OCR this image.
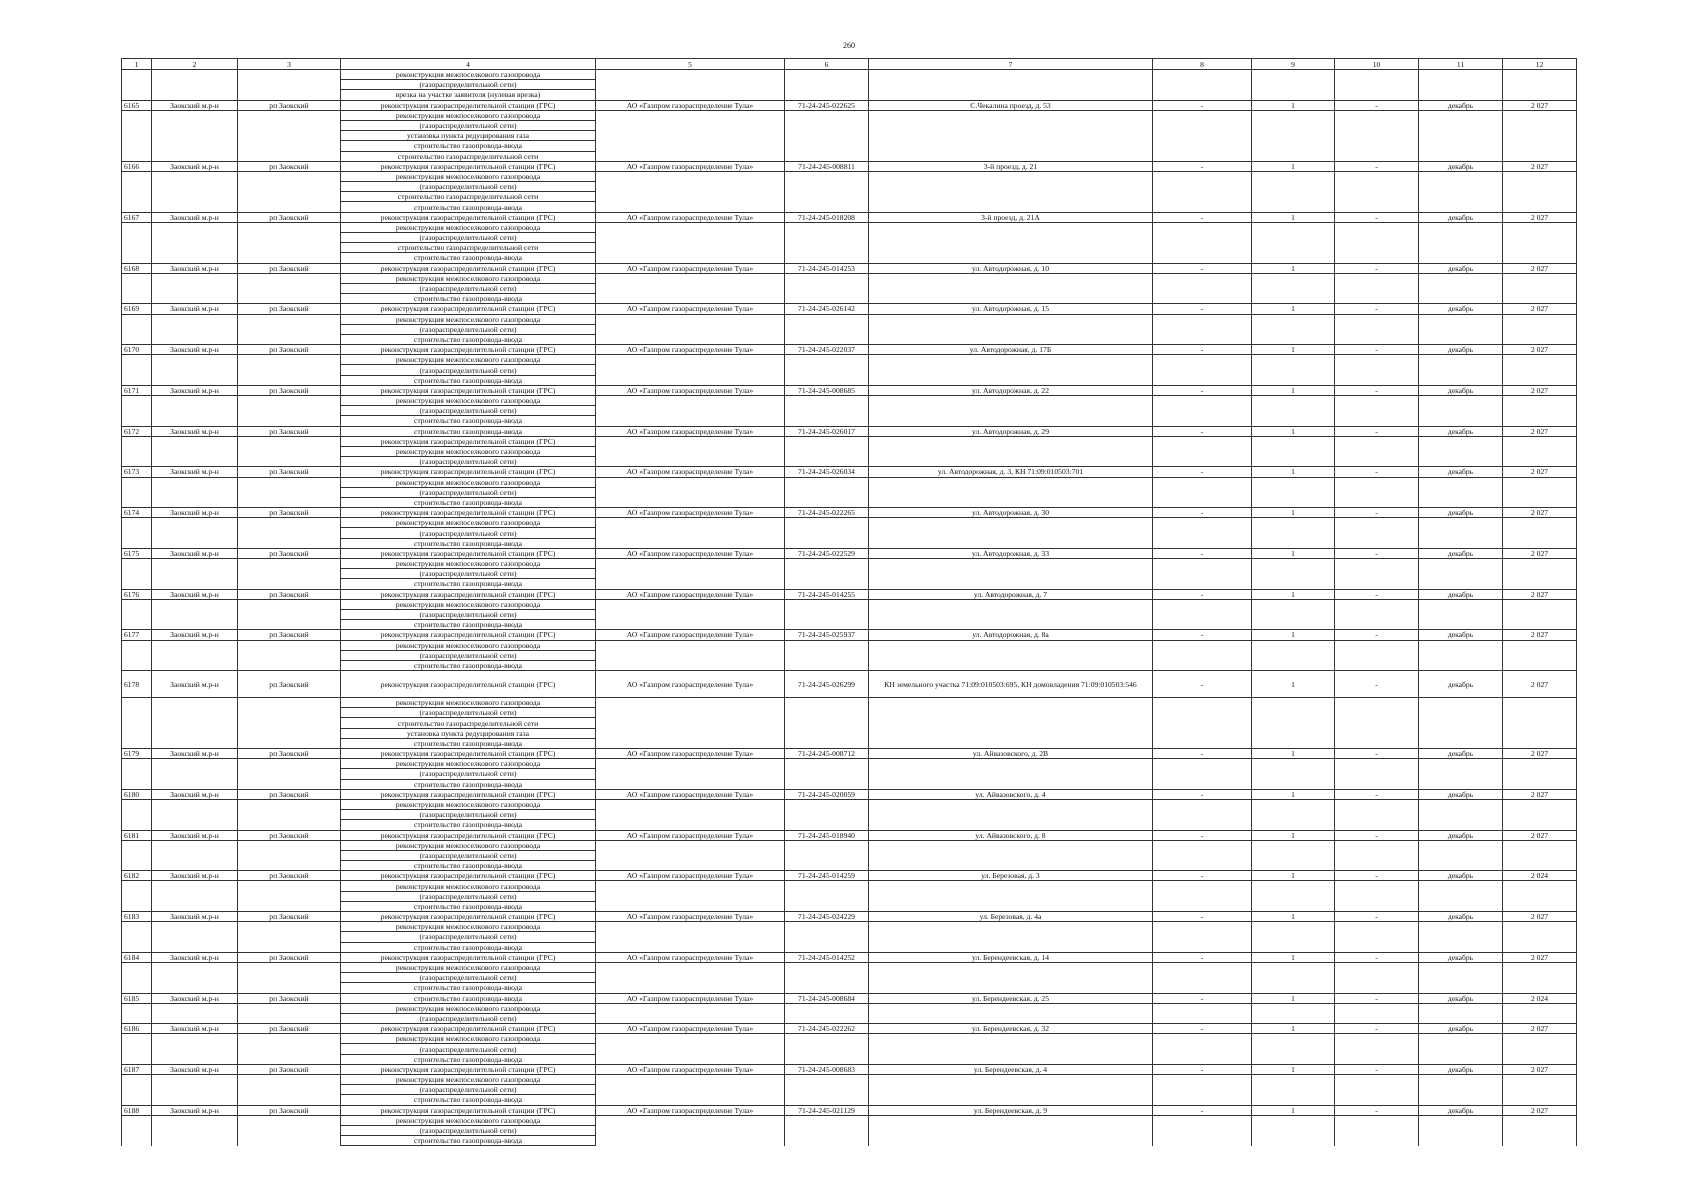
260
1	2	3	4	5	6	7	8	9	10	11	12
			реконструкция межпоселкового газопровода								
			(газораспределительной сети)								
			врезка на участке заявителя (нулевая врезка)								
6165	Заокский м.р-н	рп Заокский	реконструкция газораспределительной станции (ГРС)	АО «Газпром газораспределение Тула»	71-24-245-022625	С.Чекалина проезд, д. 53	-	1	-	декабрь	2 027
			реконструкция межпоселкового газопровода								
			(газораспределительной сети)								
			установка пункта редуцирования газа								
			строительство газопровода-ввода								
			строительство газораспределительной сети								
6166	Заокский м.р-н	рп Заокский	реконструкция газораспределительной станции (ГРС)	АО «Газпром газораспределение Тула»	71-24-245-008811	3-й проезд, д. 21	-	1	-	декабрь	2 027
			реконструкция межпоселкового газопровода								
			(газораспределительной сети)								
			строительство газораспределительной сети								
			строительство газопровода-ввода								
6167	Заокский м.р-н	рп Заокский	реконструкция газораспределительной станции (ГРС)	АО «Газпром газораспределение Тула»	71-24-245-018208	3-й проезд, д. 21А	-	1	-	декабрь	2 027
			реконструкция межпоселкового газопровода								
			(газораспределительной сети)								
			строительство газораспределительной сети								
			строительство газопровода-ввода								
6168	Заокский м.р-н	рп Заокский	реконструкция газораспределительной станции (ГРС)	АО «Газпром газораспределение Тула»	71-24-245-014253	ул. Автодорожная, д. 10	-	1	-	декабрь	2 027
			реконструкция межпоселкового газопровода								
			(газораспределительной сети)								
			строительство газопровода-ввода								
6169	Заокский м.р-н	рп Заокский	реконструкция газораспределительной станции (ГРС)	АО «Газпром газораспределение Тула»	71-24-245-026142	ул. Автодорожная, д. 15	-	1	-	декабрь	2 027
			реконструкция межпоселкового газопровода								
			(газораспределительной сети)								
			строительство газопровода-ввода								
6170	Заокский м.р-н	рп Заокский	реконструкция газораспределительной станции (ГРС)	АО «Газпром газораспределение Тула»	71-24-245-022037	ул. Автодорожная, д. 17Б	-	1	-	декабрь	2 027
			реконструкция межпоселкового газопровода								
			(газораспределительной сети)								
			строительство газопровода-ввода								
6171	Заокский м.р-н	рп Заокский	реконструкция газораспределительной станции (ГРС)	АО «Газпром газораспределение Тула»	71-24-245-008685	ул. Автодорожная, д. 22	-	1	-	декабрь	2 027
			реконструкция межпоселкового газопровода								
			(газораспределительной сети)								
			строительство газопровода-ввода								
6172	Заокский м.р-н	рп Заокский	строительство газопровода-ввода	АО «Газпром газораспределение Тула»	71-24-245-026017	ул. Автодорожная, д. 29	-	1	-	декабрь	2 027
			реконструкция газораспределительной станции (ГРС)								
			реконструкция межпоселкового газопровода								
			(газораспределительной сети)								
6173	Заокский м.р-н	рп Заокский	реконструкция газораспределительной станции (ГРС)	АО «Газпром газораспределение Тула»	71-24-245-026034	ул. Автодорожная, д. 3, КН 71:09:010503:701	-	1	-	декабрь	2 027
			реконструкция межпоселкового газопровода								
			(газораспределительной сети)								
			строительство газопровода-ввода								
6174	Заокский м.р-н	рп Заокский	реконструкция газораспределительной станции (ГРС)	АО «Газпром газораспределение Тула»	71-24-245-022265	ул. Автодорожная, д. 30	-	1	-	декабрь	2 027
			реконструкция межпоселкового газопровода								
			(газораспределительной сети)								
			строительство газопровода-ввода								
6175	Заокский м.р-н	рп Заокский	реконструкция газораспределительной станции (ГРС)	АО «Газпром газораспределение Тула»	71-24-245-022529	ул. Автодорожная, д. 33	-	1	-	декабрь	2 027
			реконструкция межпоселкового газопровода								
			(газораспределительной сети)								
			строительство газопровода-ввода								
6176	Заокский м.р-н	рп Заокский	реконструкция газораспределительной станции (ГРС)	АО «Газпром газораспределение Тула»	71-24-245-014255	ул. Автодорожная, д. 7	-	1	-	декабрь	2 027
			реконструкция межпоселкового газопровода								
			(газораспределительной сети)								
			строительство газопровода-ввода								
6177	Заокский м.р-н	рп Заокский	реконструкция газораспределительной станции (ГРС)	АО «Газпром газораспределение Тула»	71-24-245-025937	ул. Автодорожная, д. 8а	-	1	-	декабрь	2 027
			реконструкция межпоселкового газопровода								
			(газораспределительной сети)								
			строительство газопровода-ввода								
6178	Заокский м.р-н	рп Заокский	реконструкция газораспределительной станции (ГРС)	АО «Газпром газораспределение Тула»	71-24-245-026299	КН земельного участка 71:09:010503:695, КН домовладения 71:09:010503:546	-	1	-	декабрь	2 027
			реконструкция межпоселкового газопровода								
			(газораспределительной сети)								
			строительство газораспределительной сети								
			установка пункта редуцирования газа								
			строительство газопровода-ввода								
6179	Заокский м.р-н	рп Заокский	реконструкция газораспределительной станции (ГРС)	АО «Газпром газораспределение Тула»	71-24-245-008712	ул. Айвазовского, д. 2В	-	1	-	декабрь	2 027
			реконструкция межпоселкового газопровода								
			(газораспределительной сети)								
			строительство газопровода-ввода								
6180	Заокский м.р-н	рп Заокский	реконструкция газораспределительной станции (ГРС)	АО «Газпром газораспределение Тула»	71-24-245-020059	ул. Айвазовского, д. 4	-	1	-	декабрь	2 027
			реконструкция межпоселкового газопровода								
			(газораспределительной сети)								
			строительство газопровода-ввода								
6181	Заокский м.р-н	рп Заокский	реконструкция газораспределительной станции (ГРС)	АО «Газпром газораспределение Тула»	71-24-245-018940	ул. Айвазовского, д. 8	-	1	-	декабрь	2 027
			реконструкция межпоселкового газопровода								
			(газораспределительной сети)								
			строительство газопровода-ввода								
6182	Заокский м.р-н	рп Заокский	реконструкция газораспределительной станции (ГРС)	АО «Газпром газораспределение Тула»	71-24-245-014259	ул. Березовая, д. 3	-	1	-	декабрь	2 024
			реконструкция межпоселкового газопровода								
			(газораспределительной сети)								
			строительство газопровода-ввода								
6183	Заокский м.р-н	рп Заокский	реконструкция газораспределительной станции (ГРС)	АО «Газпром газораспределение Тула»	71-24-245-024229	ул. Березовая, д. 4а	-	1	-	декабрь	2 027
			реконструкция межпоселкового газопровода								
			(газораспределительной сети)								
			строительство газопровода-ввода								
6184	Заокский м.р-н	рп Заокский	реконструкция газораспределительной станции (ГРС)	АО «Газпром газораспределение Тула»	71-24-245-014252	ул. Берендеевская, д. 14	-	1	-	декабрь	2 027
			реконструкция межпоселкового газопровода								
			(газораспределительной сети)								
			строительство газопровода-ввода								
6185	Заокский м.р-н	рп Заокский	строительство газопровода-ввода	АО «Газпром газораспределение Тула»	71-24-245-008684	ул. Берендеевская, д. 25	-	1	-	декабрь	2 024
			реконструкция межпоселкового газопровода								
			(газораспределительной сети)								
6186	Заокский м.р-н	рп Заокский	реконструкция газораспределительной станции (ГРС)	АО «Газпром газораспределение Тула»	71-24-245-022262	ул. Берендеевская, д. 32	-	1	-	декабрь	2 027
			реконструкция межпоселкового газопровода								
			(газораспределительной сети)								
			строительство газопровода-ввода								
6187	Заокский м.р-н	рп Заокский	реконструкция газораспределительной станции (ГРС)	АО «Газпром газораспределение Тула»	71-24-245-008683	ул. Берендеевская, д. 4	-	1	-	декабрь	2 027
			реконструкция межпоселкового газопровода								
			(газораспределительной сети)								
			строительство газопровода-ввода								
6188	Заокский м.р-н	рп Заокский	реконструкция газораспределительной станции (ГРС)	АО «Газпром газораспределение Тула»	71-24-245-021129	ул. Берендеевская, д. 9	-	1	-	декабрь	2 027
			реконструкция межпоселкового газопровода								
			(газораспределительной сети)								
			строительство газопровода-ввода								
